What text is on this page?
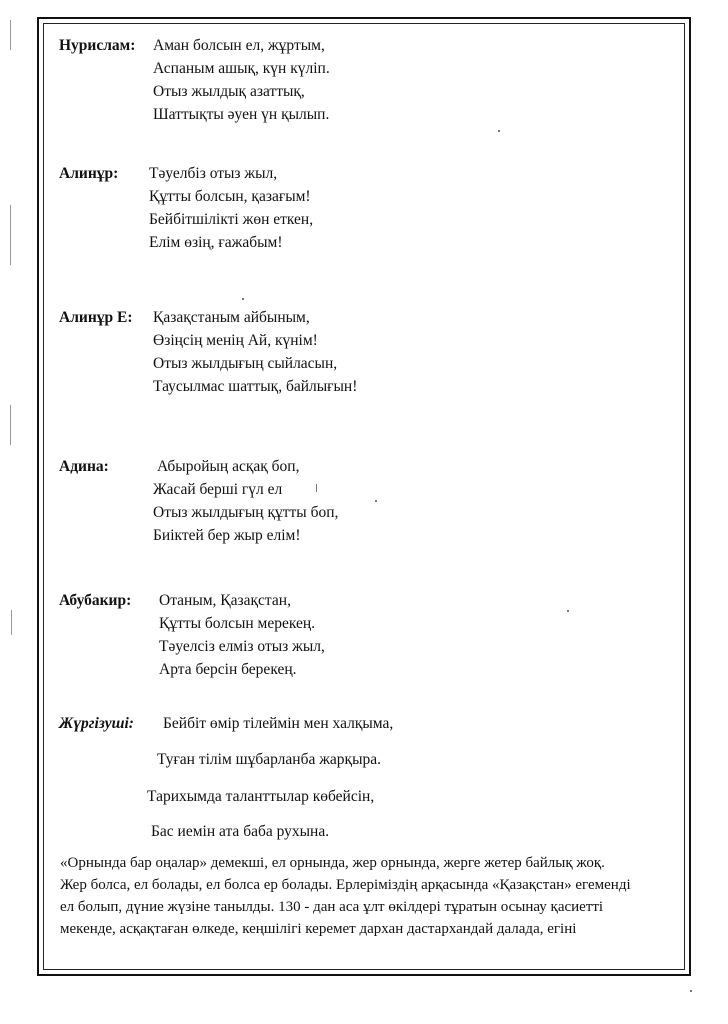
Нурислам: Аман болсын ел, жұртым,
Аспаным ашық, күн күліп.
Отыз жылдық азаттық,
Шаттықты әуен үн қылып.
Алинұр: Тәуелбіз отыз жыл,
Құтты болсын, қазағым!
Бейбітшілікті жөн еткен,
Елім өзің, ғажабым!
Алинұр Е: Қазақстаным айбыным,
Өзіңсің менің Ай, күнім!
Отыз жылдығың сыйласын,
Таусылмас шаттық, байлығын!
Адина:	Абыройың асқақ боп,
Жасай берші гүл ел
Отыз жылдығың құтты боп,
Биіктей бер жыр елім!
Абубакир: Отаным, Қазақстан,
Құтты болсын мерекең.
Тәуелсіз елміз отыз жыл,
Арта берсін берекең.
Жүргізуші: Бейбіт өмір тілеймін мен халқыма,
Туған тілім шұбарланба жарқыра.
Тарихымда таланттылар көбейсін,
Бас иемін ата баба рухына.
«Орнында бар оңалар» демекші, ел орнында, жер орнында, жерге жетер байлық жоқ.
Жер болса, ел болады, ел болса ер болады. Ерлеріміздің арқасында «Қазақстан» егеменді
ел болып, дүние жүзіне танылды. 130 - дан аса ұлт өкілдері тұратын осынау қасиетті
мекенде, асқақтаған өлкеде, кеңшілігі керемет дархан дастархандай далада, егіні
